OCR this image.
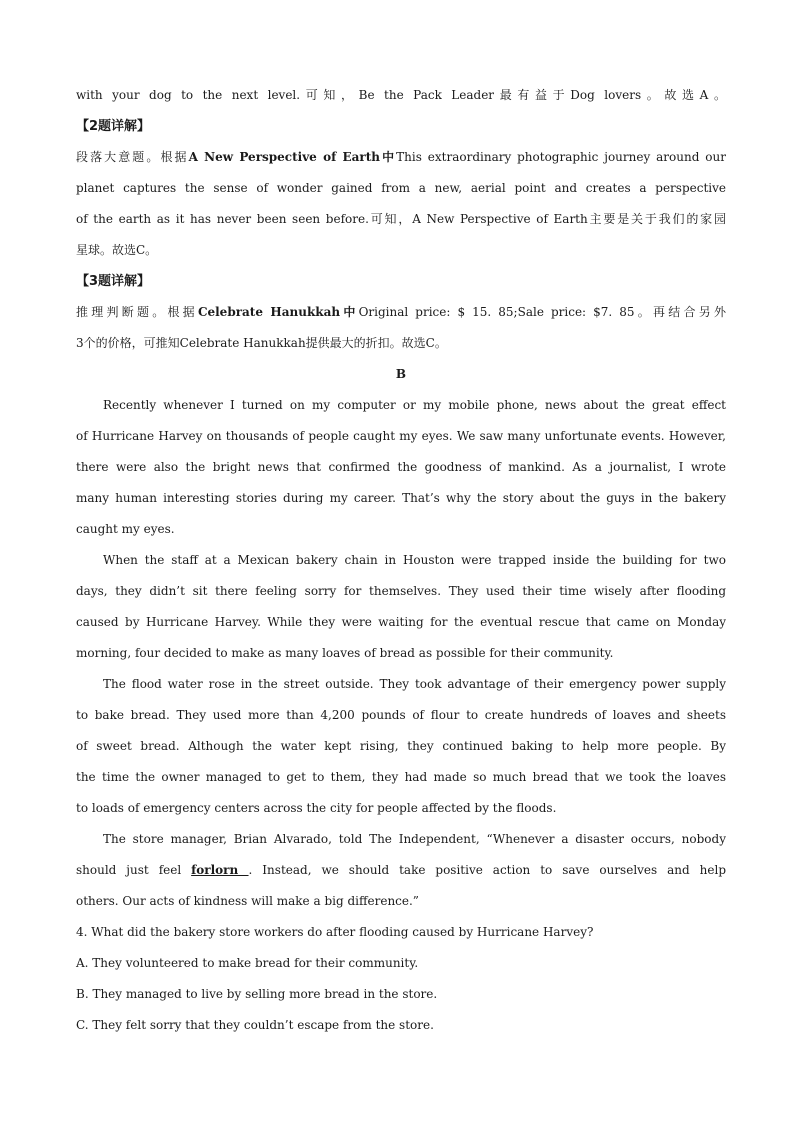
with your dog to the next level.可知，Be the Pack Leader最有益于Dog lovers。故选A。
【2题详解】
段落大意题。根据A New Perspective of Earth中This extraordinary photographic journey around our
planet captures the sense of wonder gained from a new, aerial point and creates a perspective
of the earth as it has never been seen before.可知，A New Perspective of Earth主要是关于我们的家园
星球。故选C。
【3题详解】
推理判断题。根据Celebrate Hanukkah中Original price: $ 15. 85;Sale price: $7. 85。再结合另外
3个的价格，可推知Celebrate Hanukkah提供最大的折扣。故选C。
B
Recently whenever I turned on my computer or my mobile phone, news about the great effect
of Hurricane Harvey on thousands of people caught my eyes. We saw many unfortunate events. However,
there were also the bright news that confirmed the goodness of mankind. As a journalist, I wrote
many human interesting stories during my career. That’s why the story about the guys in the bakery
caught my eyes.
When the staff at a Mexican bakery chain in Houston were trapped inside the building for two
days, they didn’t sit there feeling sorry for themselves. They used their time wisely after flooding
caused by Hurricane Harvey. While they were waiting for the eventual rescue that came on Monday
morning, four decided to make as many loaves of bread as possible for their community.
The flood water rose in the street outside. They took advantage of their emergency power supply
to bake bread. They used more than 4,200 pounds of flour to create hundreds of loaves and sheets
of sweet bread. Although the water kept rising, they continued baking to help more people. By
the time the owner managed to get to them, they had made so much bread that we took the loaves
to loads of emergency centers across the city for people affected by the floods.
The store manager, Brian Alvarado, told The Independent, “Whenever a disaster occurs, nobody
should just feel forlorn . Instead, we should take positive action to save ourselves and help
others. Our acts of kindness will make a big difference.”
4. What did the bakery store workers do after flooding caused by Hurricane Harvey?
A. They volunteered to make bread for their community.
B. They managed to live by selling more bread in the store.
C. They felt sorry that they couldn’t escape from the store.
